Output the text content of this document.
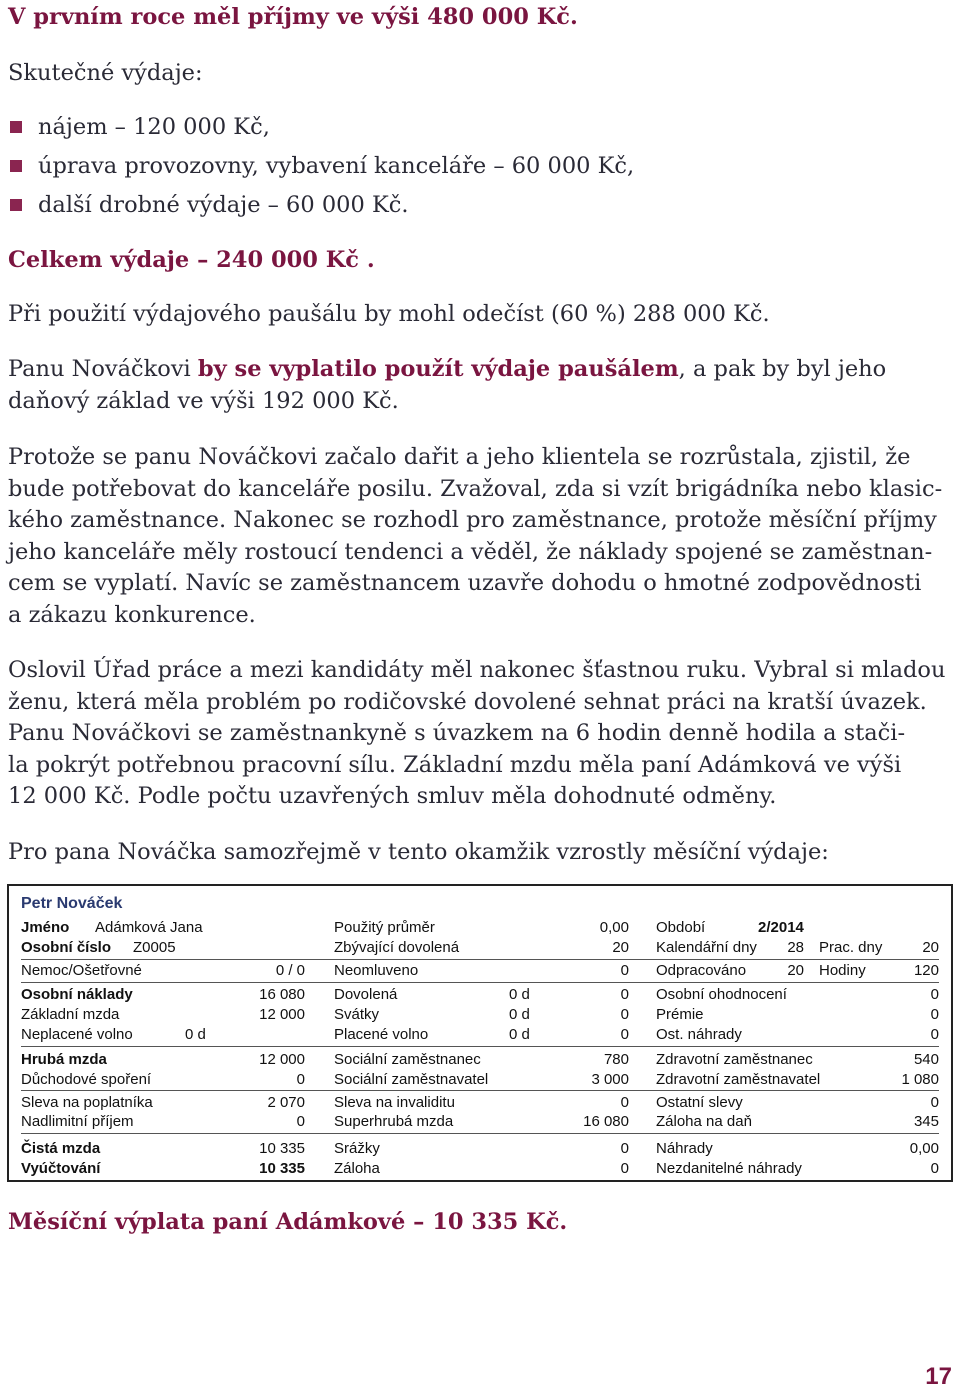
V prvním roce měl příjmy ve výši 480 000 Kč.
Skutečné výdaje:
nájem – 120 000 Kč,
úprava provozovny, vybavení kanceláře – 60 000 Kč,
další drobné výdaje – 60 000 Kč.
Celkem výdaje – 240 000 Kč .
Při použití výdajového paušálu by mohl odečíst (60 %) 288 000 Kč.
Panu Nováčkovi by se vyplatilo použít výdaje paušálem, a pak by byl jeho
daňový základ ve výši 192 000 Kč.
Protože se panu Nováčkovi začalo dařit a jeho klientela se rozrůstala, zjistil, že
bude potřebovat do kanceláře posilu. Zvažoval, zda si vzít brigádníka nebo klasic-
kého zaměstnance. Nakonec se rozhodl pro zaměstnance, protože měsíční příjmy
jeho kanceláře měly rostoucí tendenci a věděl, že náklady spojené se zaměstnan-
cem se vyplatí. Navíc se zaměstnancem uzavře dohodu o hmotné zodpovědnosti
a zákazu konkurence.
Oslovil Úřad práce a mezi kandidáty měl nakonec šťastnou ruku. Vybral si mladou
ženu, která měla problém po rodičovské dovolené sehnat práci na kratší úvazek.
Panu Nováčkovi se zaměstnankyně s úvazkem na 6 hodin denně hodila a stači-
la pokrýt potřebnou pracovní sílu. Základní mzdu měla paní Adámková ve výši
12 000 Kč. Podle počtu uzavřených smluv měla dohodnuté odměny.
Pro pana Nováčka samozřejmě v tento okamžik vzrostly měsíční výdaje:
Petr Nováček
Jméno Adámková Jana	Použitý průměr	0,00 Období	2/2014
Osobní číslo Z0005	Zbývající dovolená	20 Kalendářní dny 28 Prac. dny	20
Nemoc/Ošetřovné	0 / 0 Neomluveno	0 Odpracováno	20 Hodiny	120
Osobní náklady	16 080 Dovolená	0 d	0 Osobní ohodnocení	0
Základní mzda	12 000 Svátky	0 d	0 Prémie	0
Neplacené volno	0 d	Placené volno	0 d	0 Ost. náhrady	0
Hrubá mzda	12 000 Sociální zaměstnanec	780 Zdravotní zaměstnanec	540
Důchodové spoření	0 Sociální zaměstnavatel	3 000 Zdravotní zaměstnavatel	1 080
Sleva na poplatníka	2 070 Sleva na invaliditu	0 Ostatní slevy	0
Nadlimitní příjem	0 Superhrubá mzda	16 080 Záloha na daň	345
Čistá mzda	10 335 Srážky	0 Náhrady	0,00
Vyúčtování	10 335 Záloha	0 Nezdanitelné náhrady	0
Měsíční výplata paní Adámkové – 10 335 Kč.
17
